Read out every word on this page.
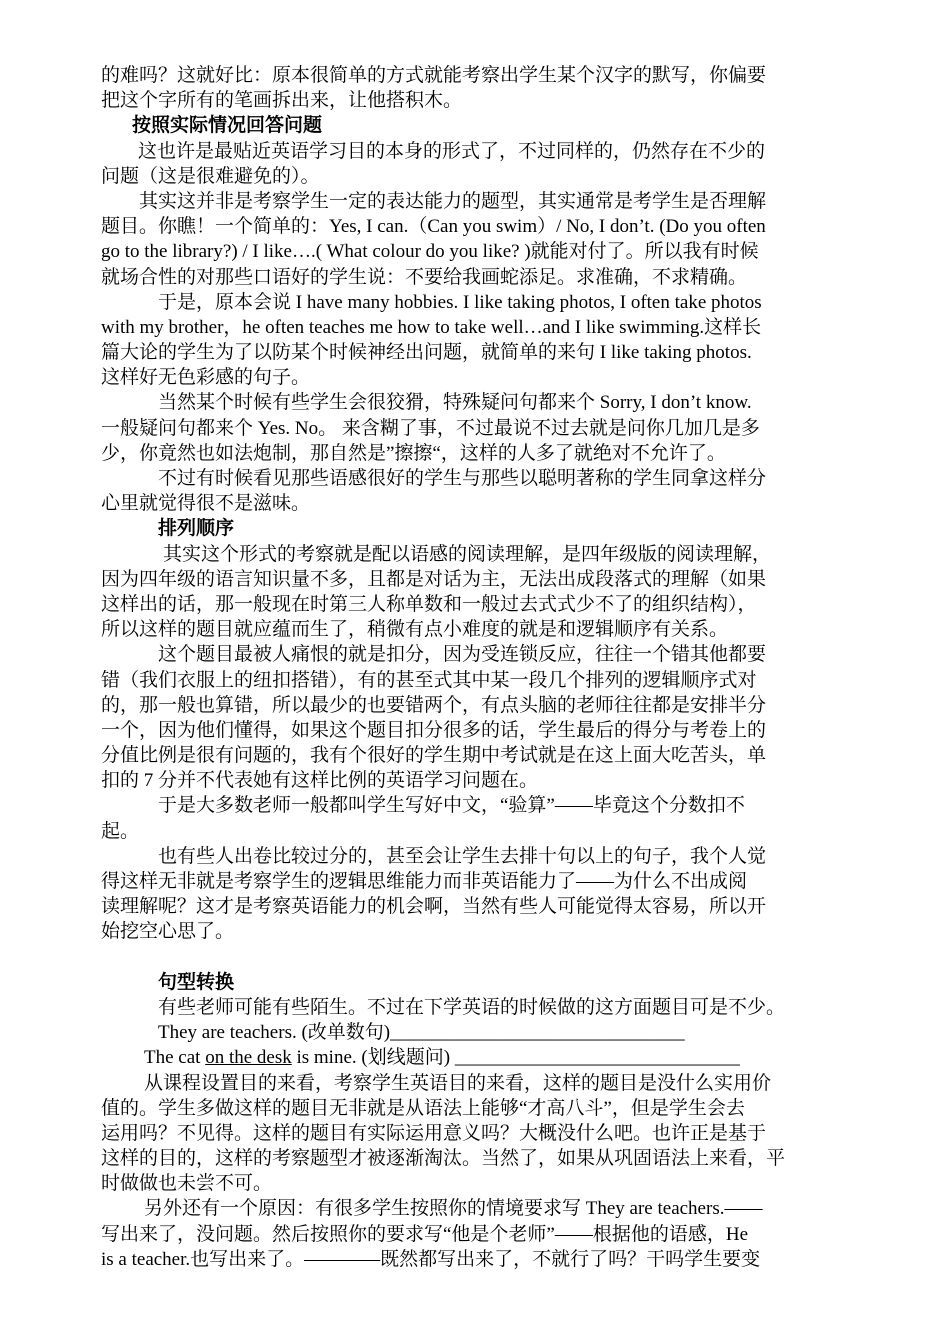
的难吗？这就好比：原本很简单的方式就能考察出学生某个汉字的默写，你偏要
把这个字所有的笔画拆出来，让他搭积木。
按照实际情况回答问题
这也许是最贴近英语学习目的本身的形式了，不过同样的，仍然存在不少的
问题（这是很难避免的）。
其实这并非是考察学生一定的表达能力的题型，其实通常是考学生是否理解
题目。你瞧！一个简单的：Yes, I can.（Can you swim）/ No, I don’t. (Do you often
go to the library?) / I like….( What colour do you like? )就能对付了。所以我有时候
就场合性的对那些口语好的学生说：不要给我画蛇添足。求准确，不求精确。
于是，原本会说 I have many hobbies. I like taking photos, I often take photos
with my brother，he often teaches me how to take well…and I like swimming.这样长
篇大论的学生为了以防某个时候神经出问题，就简单的来句 I like taking photos.
这样好无色彩感的句子。
当然某个时候有些学生会很狡猾，特殊疑问句都来个 Sorry, I don’t know.
一般疑问句都来个 Yes. No。 来含糊了事，不过最说不过去就是问你几加几是多
少，你竟然也如法炮制，那自然是”擦擦“，这样的人多了就绝对不允许了。
不过有时候看见那些语感很好的学生与那些以聪明著称的学生同拿这样分
心里就觉得很不是滋味。
排列顺序
其实这个形式的考察就是配以语感的阅读理解，是四年级版的阅读理解，
因为四年级的语言知识量不多，且都是对话为主，无法出成段落式的理解（如果
这样出的话，那一般现在时第三人称单数和一般过去式式少不了的组织结构），
所以这样的题目就应蕴而生了，稍微有点小难度的就是和逻辑顺序有关系。
这个题目最被人痛恨的就是扣分，因为受连锁反应，往往一个错其他都要
错（我们衣服上的纽扣搭错），有的甚至式其中某一段几个排列的逻辑顺序式对
的，那一般也算错，所以最少的也要错两个，有点头脑的老师往往都是安排半分
一个，因为他们懂得，如果这个题目扣分很多的话，学生最后的得分与考卷上的
分值比例是很有问题的，我有个很好的学生期中考试就是在这上面大吃苦头，单
扣的 7 分并不代表她有这样比例的英语学习问题在。
于是大多数老师一般都叫学生写好中文，“验算”——毕竟这个分数扣不
起。
也有些人出卷比较过分的，甚至会让学生去排十句以上的句子，我个人觉
得这样无非就是考察学生的逻辑思维能力而非英语能力了——为什么不出成阅
读理解呢？这才是考察英语能力的机会啊，当然有些人可能觉得太容易，所以开
始挖空心思了。
句型转换
有些老师可能有些陌生。不过在下学英语的时候做的这方面题目可是不少。
They are teachers. (改单数句)_______________________________
The cat on the desk is mine. (划线题问) ______________________________
从课程设置目的来看，考察学生英语目的来看，这样的题目是没什么实用价
值的。学生多做这样的题目无非就是从语法上能够“才高八斗”，但是学生会去
运用吗？不见得。这样的题目有实际运用意义吗？大概没什么吧。也许正是基于
这样的目的，这样的考察题型才被逐渐淘汰。当然了，如果从巩固语法上来看，平
时做做也未尝不可。
另外还有一个原因：有很多学生按照你的情境要求写 They are teachers.——
写出来了，没问题。然后按照你的要求写“他是个老师”——根据他的语感，He
is a teacher.也写出来了。————既然都写出来了，不就行了吗？干吗学生要变
